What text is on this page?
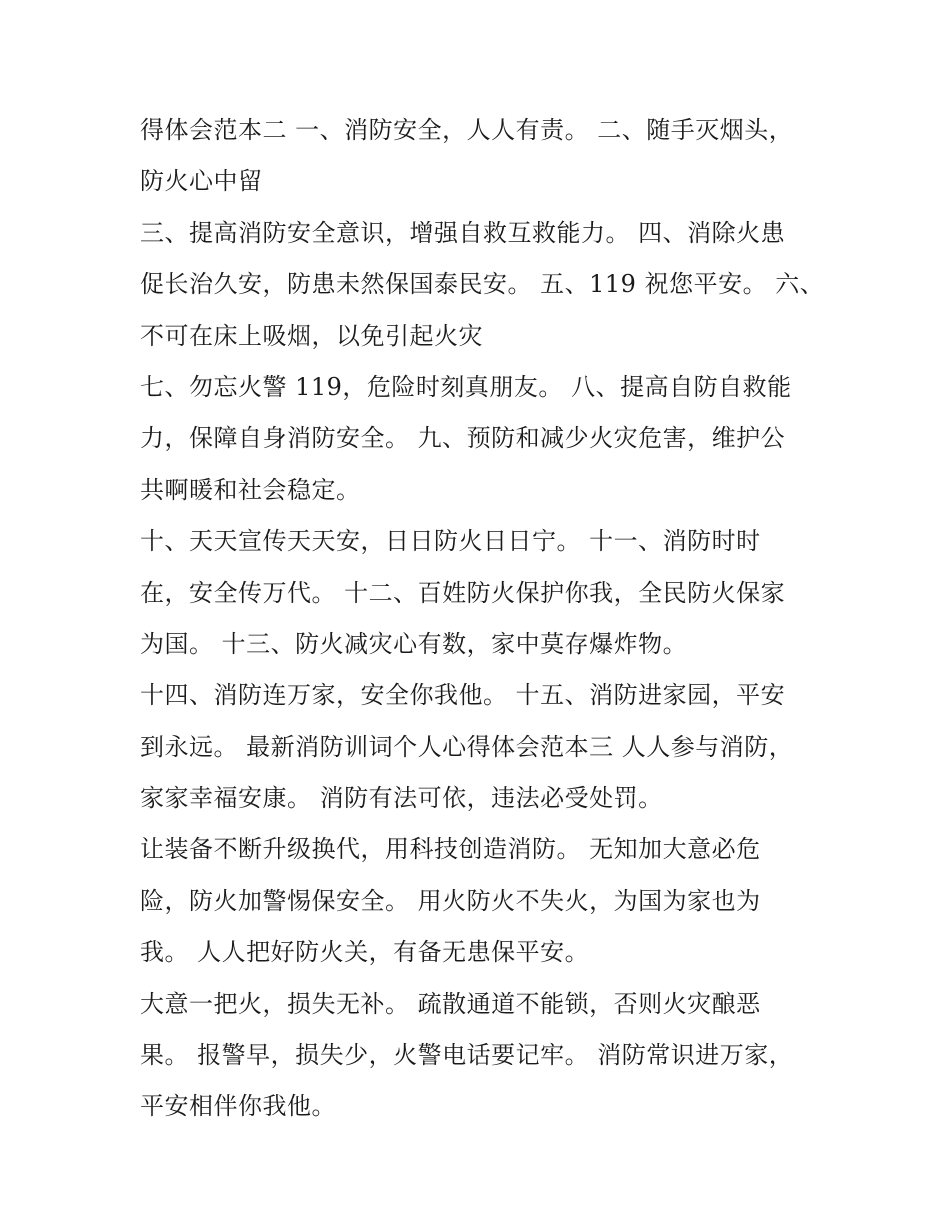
得体会范本二 一、消防安全，人人有责。 二、随手灭烟头，
防火心中留
三、提高消防安全意识，增强自救互救能力。 四、消除火患
促长治久安，防患未然保国泰民安。 五、119 祝您平安。 六、
不可在床上吸烟，以免引起火灾
七、勿忘火警 119，危险时刻真朋友。 八、提高自防自救能
力，保障自身消防安全。 九、预防和减少火灾危害，维护公
共啊暖和社会稳定。
十、天天宣传天天安，日日防火日日宁。 十一、消防时时
在，安全传万代。 十二、百姓防火保护你我，全民防火保家
为国。 十三、防火减灾心有数，家中莫存爆炸物。
十四、消防连万家，安全你我他。 十五、消防进家园，平安
到永远。 最新消防训词个人心得体会范本三 人人参与消防，
家家幸福安康。 消防有法可依，违法必受处罚。
让装备不断升级换代，用科技创造消防。 无知加大意必危
险，防火加警惕保安全。 用火防火不失火，为国为家也为
我。 人人把好防火关，有备无患保平安。
大意一把火，损失无补。 疏散通道不能锁，否则火灾酿恶
果。 报警早，损失少，火警电话要记牢。 消防常识进万家，
平安相伴你我他。
